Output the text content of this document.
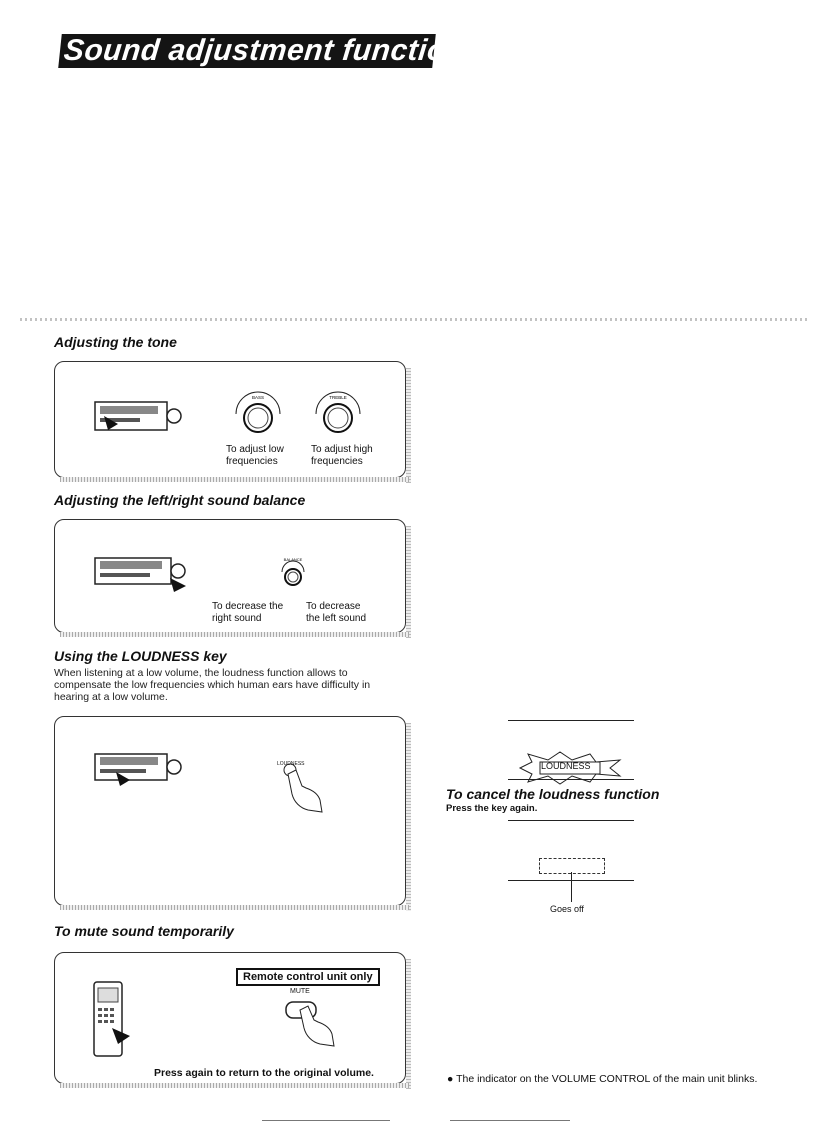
Sound adjustment functions
Adjusting the tone
BASS	TREBLE
To adjust low
frequencies
To adjust high
frequencies
Adjusting the left/right sound balance
BALANCE
To decrease the
right sound
To decrease
the left sound
Using the LOUDNESS key
When listening at a low volume, the loudness function allows to compensate the low frequencies which human ears have difficulty in hearing at a low volume.
LOUDNESS	LOUDNESS
To cancel the loudness function
Press the key again.
Goes off
To mute sound temporarily
Remote control unit only
MUTE
Press again to return to the original volume.	● The indicator on the VOLUME CONTROL of the main unit blinks.
